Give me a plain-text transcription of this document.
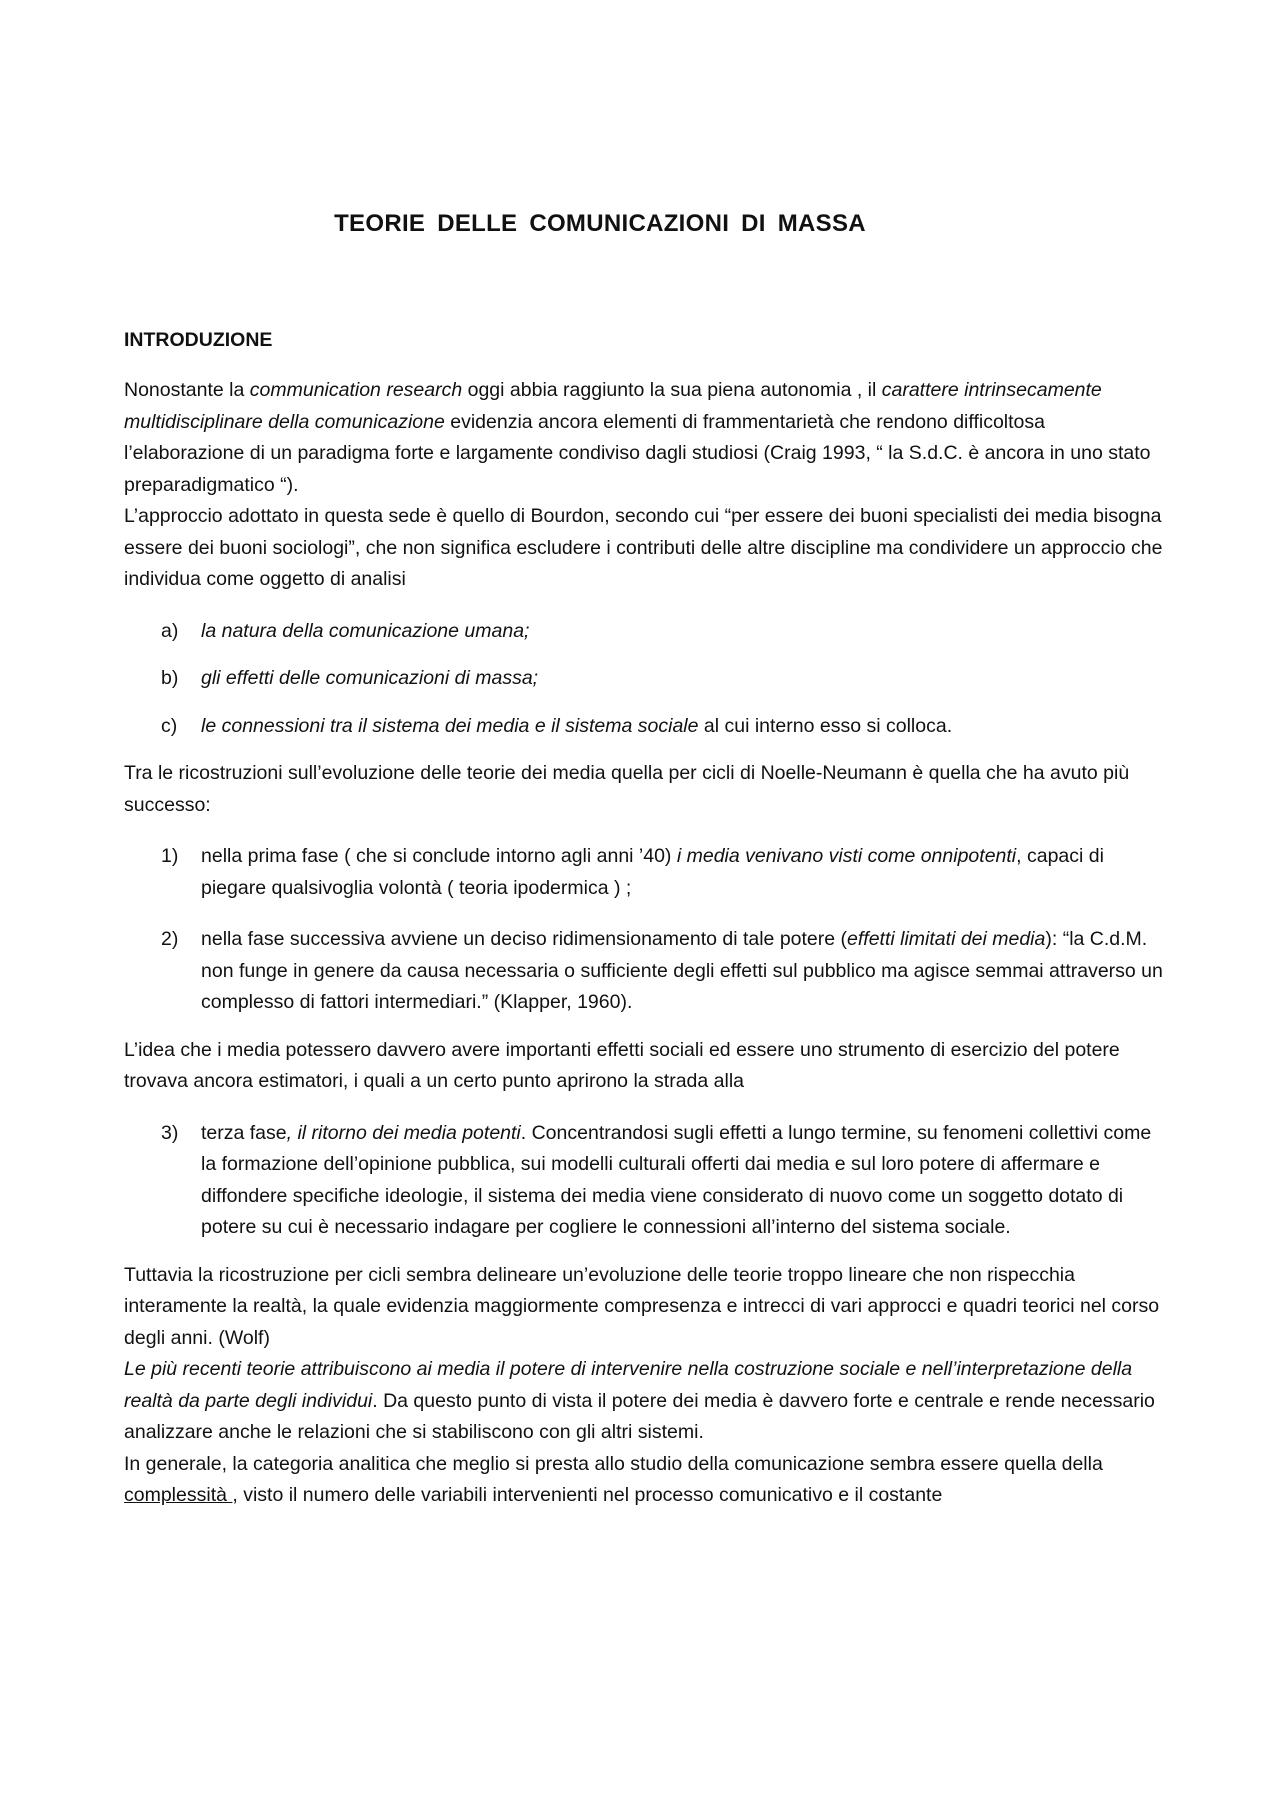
TEORIE DELLE COMUNICAZIONI DI MASSA
INTRODUZIONE

Nonostante la communication research oggi abbia raggiunto la sua piena autonomia , il carattere intrinsecamente multidisciplinare della comunicazione evidenzia ancora elementi di frammentarietà che rendono difficoltosa l’elaborazione di un paradigma forte e largamente condiviso dagli studiosi (Craig 1993, “ la S.d.C. è ancora in uno stato preparadigmatico “).

L’approccio adottato in questa sede è quello di Bourdon, secondo cui “per essere dei buoni specialisti dei media bisogna essere dei buoni sociologi”, che non significa escludere i contributi delle altre discipline ma condividere un approccio che individua come oggetto di analisi

a)	la natura della comunicazione umana;
b)	gli effetti delle comunicazioni di massa;
c)	le connessioni tra il sistema dei media e il sistema sociale al cui interno esso si colloca.

Tra le ricostruzioni sull’evoluzione delle teorie dei media quella per cicli di Noelle-Neumann è quella che ha avuto più successo:

1)	nella prima fase ( che si conclude intorno agli anni ’40) i media venivano visti come onnipotenti, capaci di piegare qualsivoglia volontà ( teoria ipodermica ) ;
2)	nella fase successiva avviene un deciso ridimensionamento di tale potere (effetti limitati dei media): “la C.d.M. non funge in genere da causa necessaria o sufficiente degli effetti sul pubblico ma agisce semmai attraverso un complesso di fattori intermediari.” (Klapper, 1960).

L’idea che i media potessero davvero avere importanti effetti sociali ed essere uno strumento di esercizio del potere trovava ancora estimatori, i quali a un certo punto aprirono la strada alla

3)	terza fase, il ritorno dei media potenti. Concentrandosi sugli effetti a lungo termine, su fenomeni collettivi come la formazione dell’opinione pubblica, sui modelli culturali offerti dai media e sul loro potere di affermare e diffondere specifiche ideologie, il sistema dei media viene considerato di nuovo come un soggetto dotato di potere su cui è necessario indagare per cogliere le connessioni all’interno del sistema sociale.

Tuttavia la ricostruzione per cicli sembra delineare un’evoluzione delle teorie troppo lineare che non rispecchia interamente la realtà, la quale evidenzia maggiormente compresenza e intrecci di vari approcci e quadri teorici nel corso degli anni. (Wolf)

Le più recenti teorie attribuiscono ai media il potere di intervenire nella costruzione sociale e nell’interpretazione della realtà da parte degli individui. Da questo punto di vista il potere dei media è davvero forte e centrale e rende necessario analizzare anche le relazioni che si stabiliscono con gli altri sistemi.

In generale, la categoria analitica che meglio si presta allo studio della comunicazione sembra essere quella della complessità , visto il numero delle variabili intervenienti nel processo comunicativo e il costante
